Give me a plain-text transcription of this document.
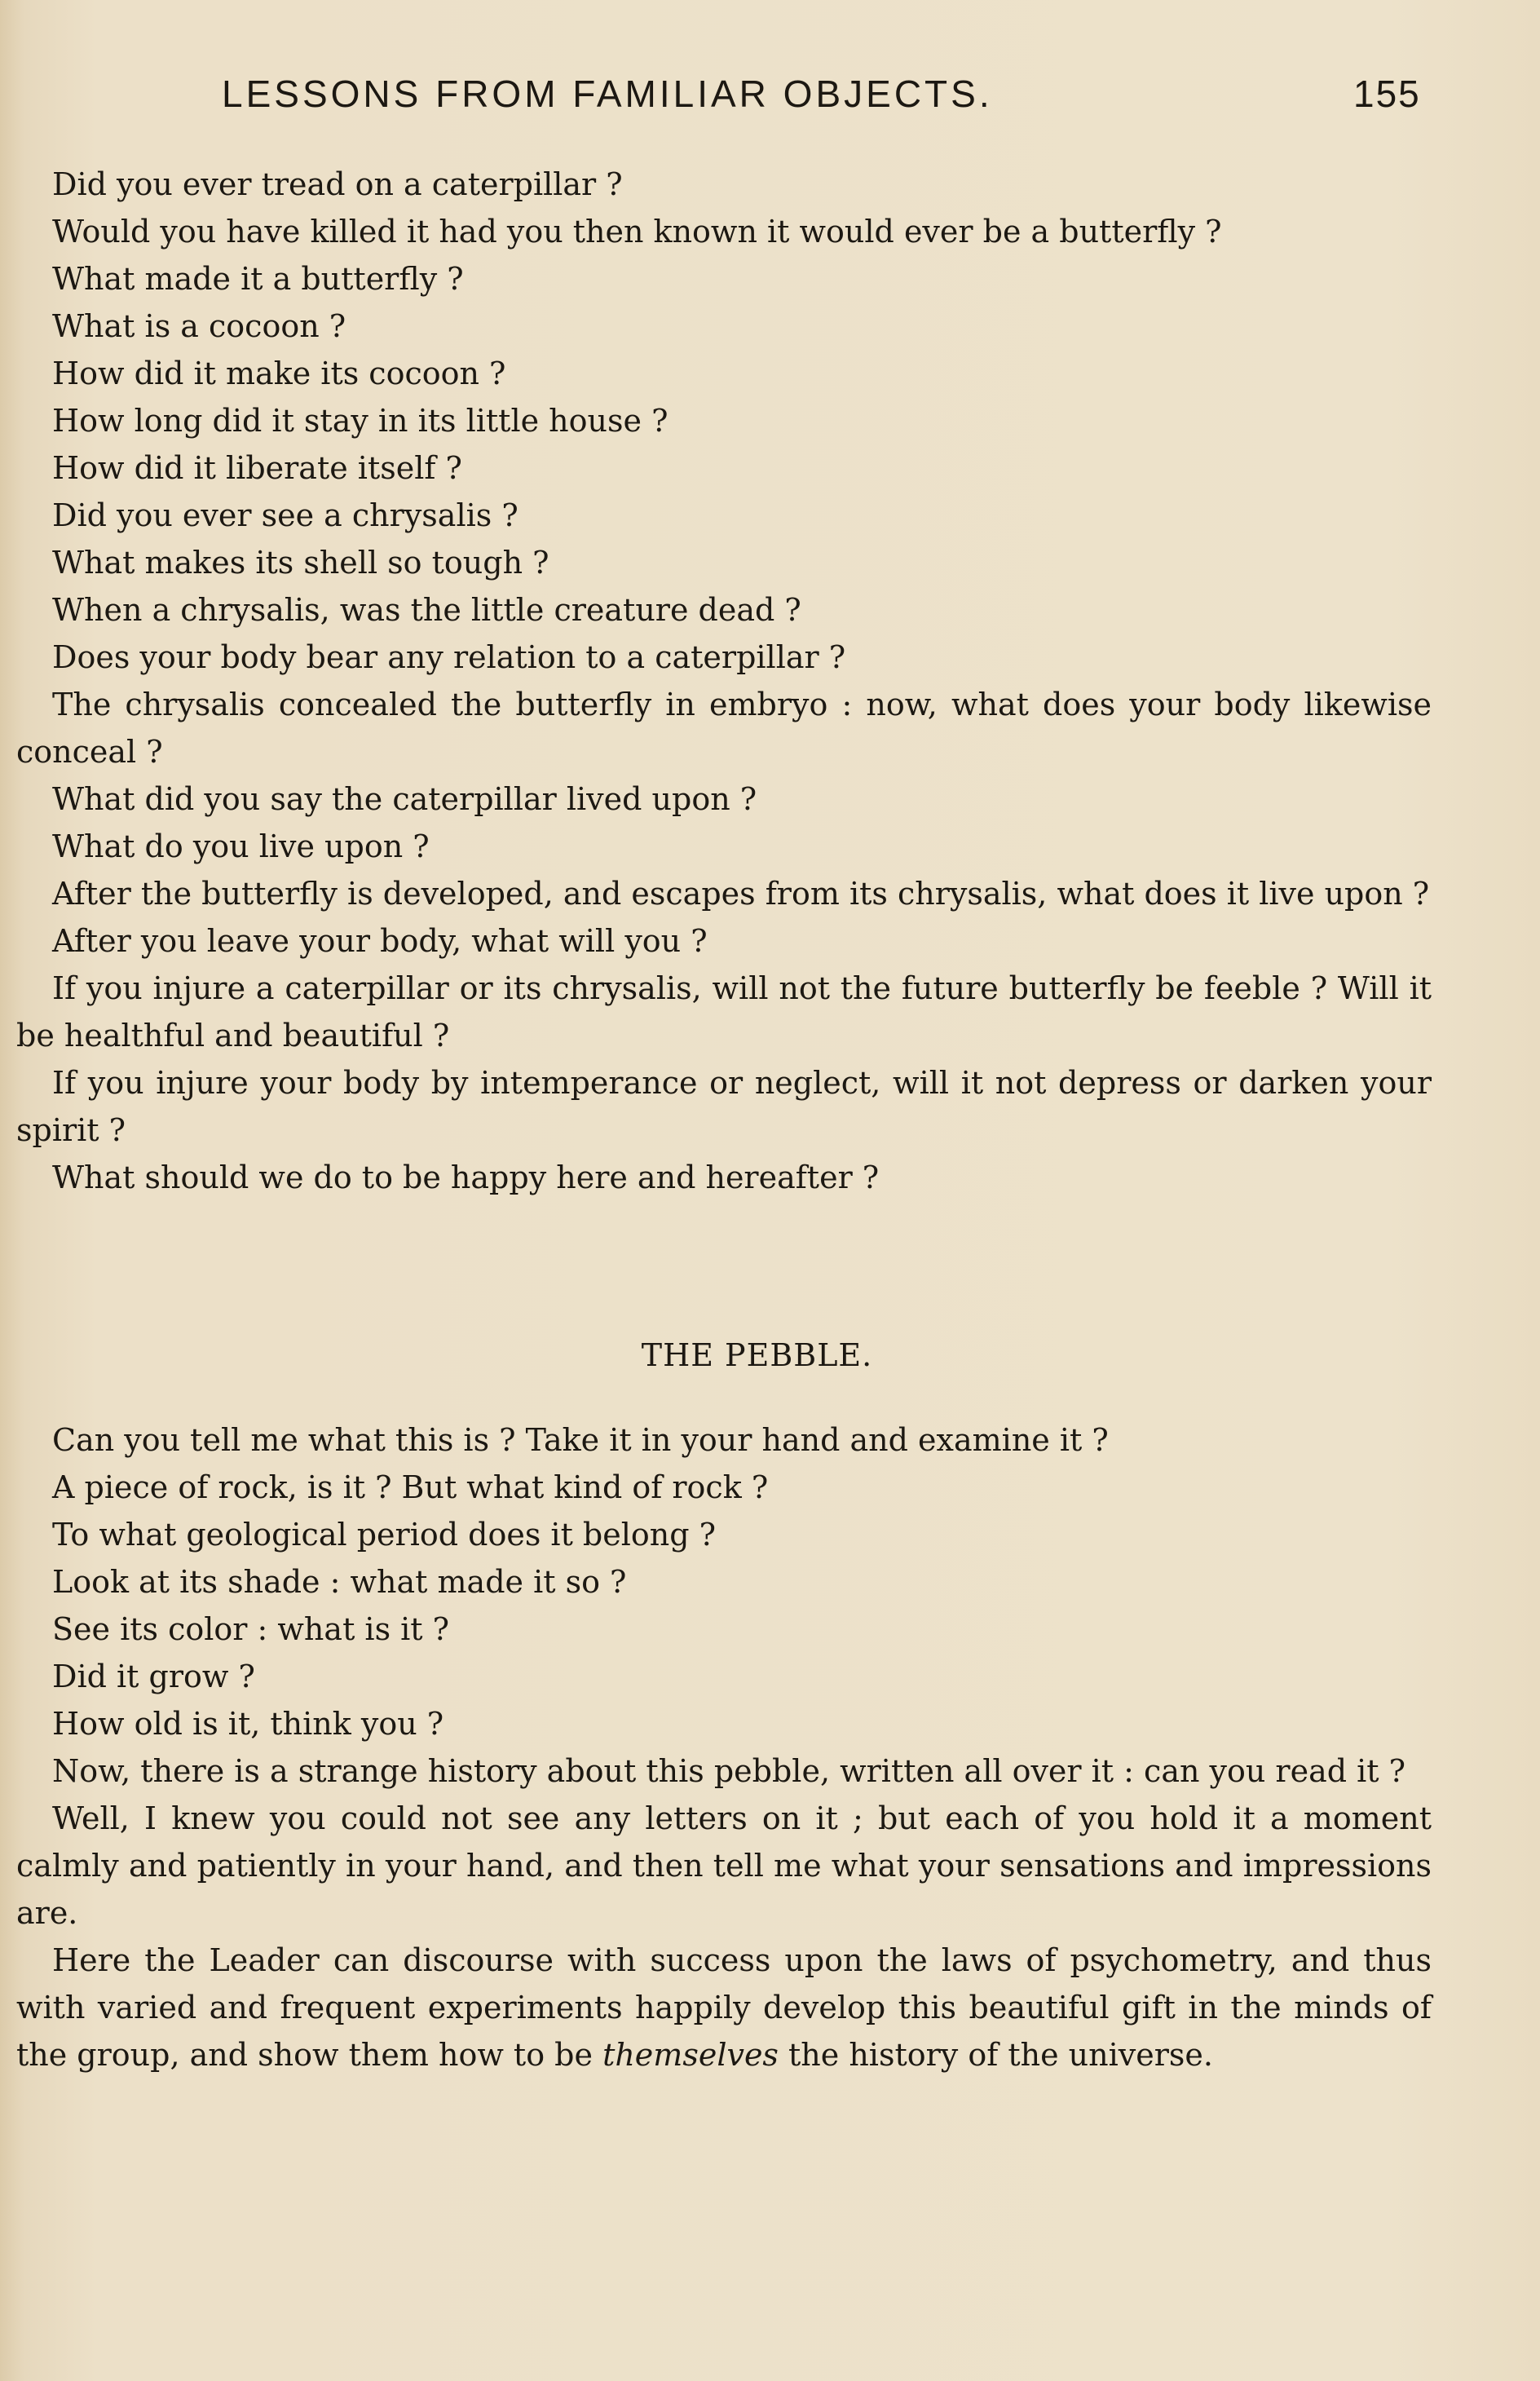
LESSONS FROM FAMILIAR OBJECTS.	155

Did you ever tread on a caterpillar ?

Would you have killed it had you then known it would ever be a butterfly ?

What made it a butterfly ?

What is a cocoon ?

How did it make its cocoon ?

How long did it stay in its little house ?

How did it liberate itself ?

Did you ever see a chrysalis ?

What makes its shell so tough ?

When a chrysalis, was the little creature dead ?

Does your body bear any relation to a caterpillar ?

The chrysalis concealed the butterfly in embryo : now, what does your body likewise conceal ?

What did you say the caterpillar lived upon ?

What do you live upon ?

After the butterfly is developed, and escapes from its chrysalis, what does it live upon ?

After you leave your body, what will you ?

If you injure a caterpillar or its chrysalis, will not the future butterfly be feeble ? Will it be healthful and beautiful ?

If you injure your body by intemperance or neglect, will it not depress or darken your spirit ?

What should we do to be happy here and hereafter ?

THE PEBBLE.

Can you tell me what this is ? Take it in your hand and examine it ?

A piece of rock, is it ? But what kind of rock ?

To what geological period does it belong ?

Look at its shade : what made it so ?

See its color : what is it ?

Did it grow ?

How old is it, think you ?

Now, there is a strange history about this pebble, written all over it : can you read it ?

Well, I knew you could not see any letters on it ; but each of you hold it a moment calmly and patiently in your hand, and then tell me what your sensations and impressions are.

Here the Leader can discourse with success upon the laws of psychometry, and thus with varied and frequent experiments happily develop this beautiful gift in the minds of the group, and show them how to be themselves the history of the universe.
